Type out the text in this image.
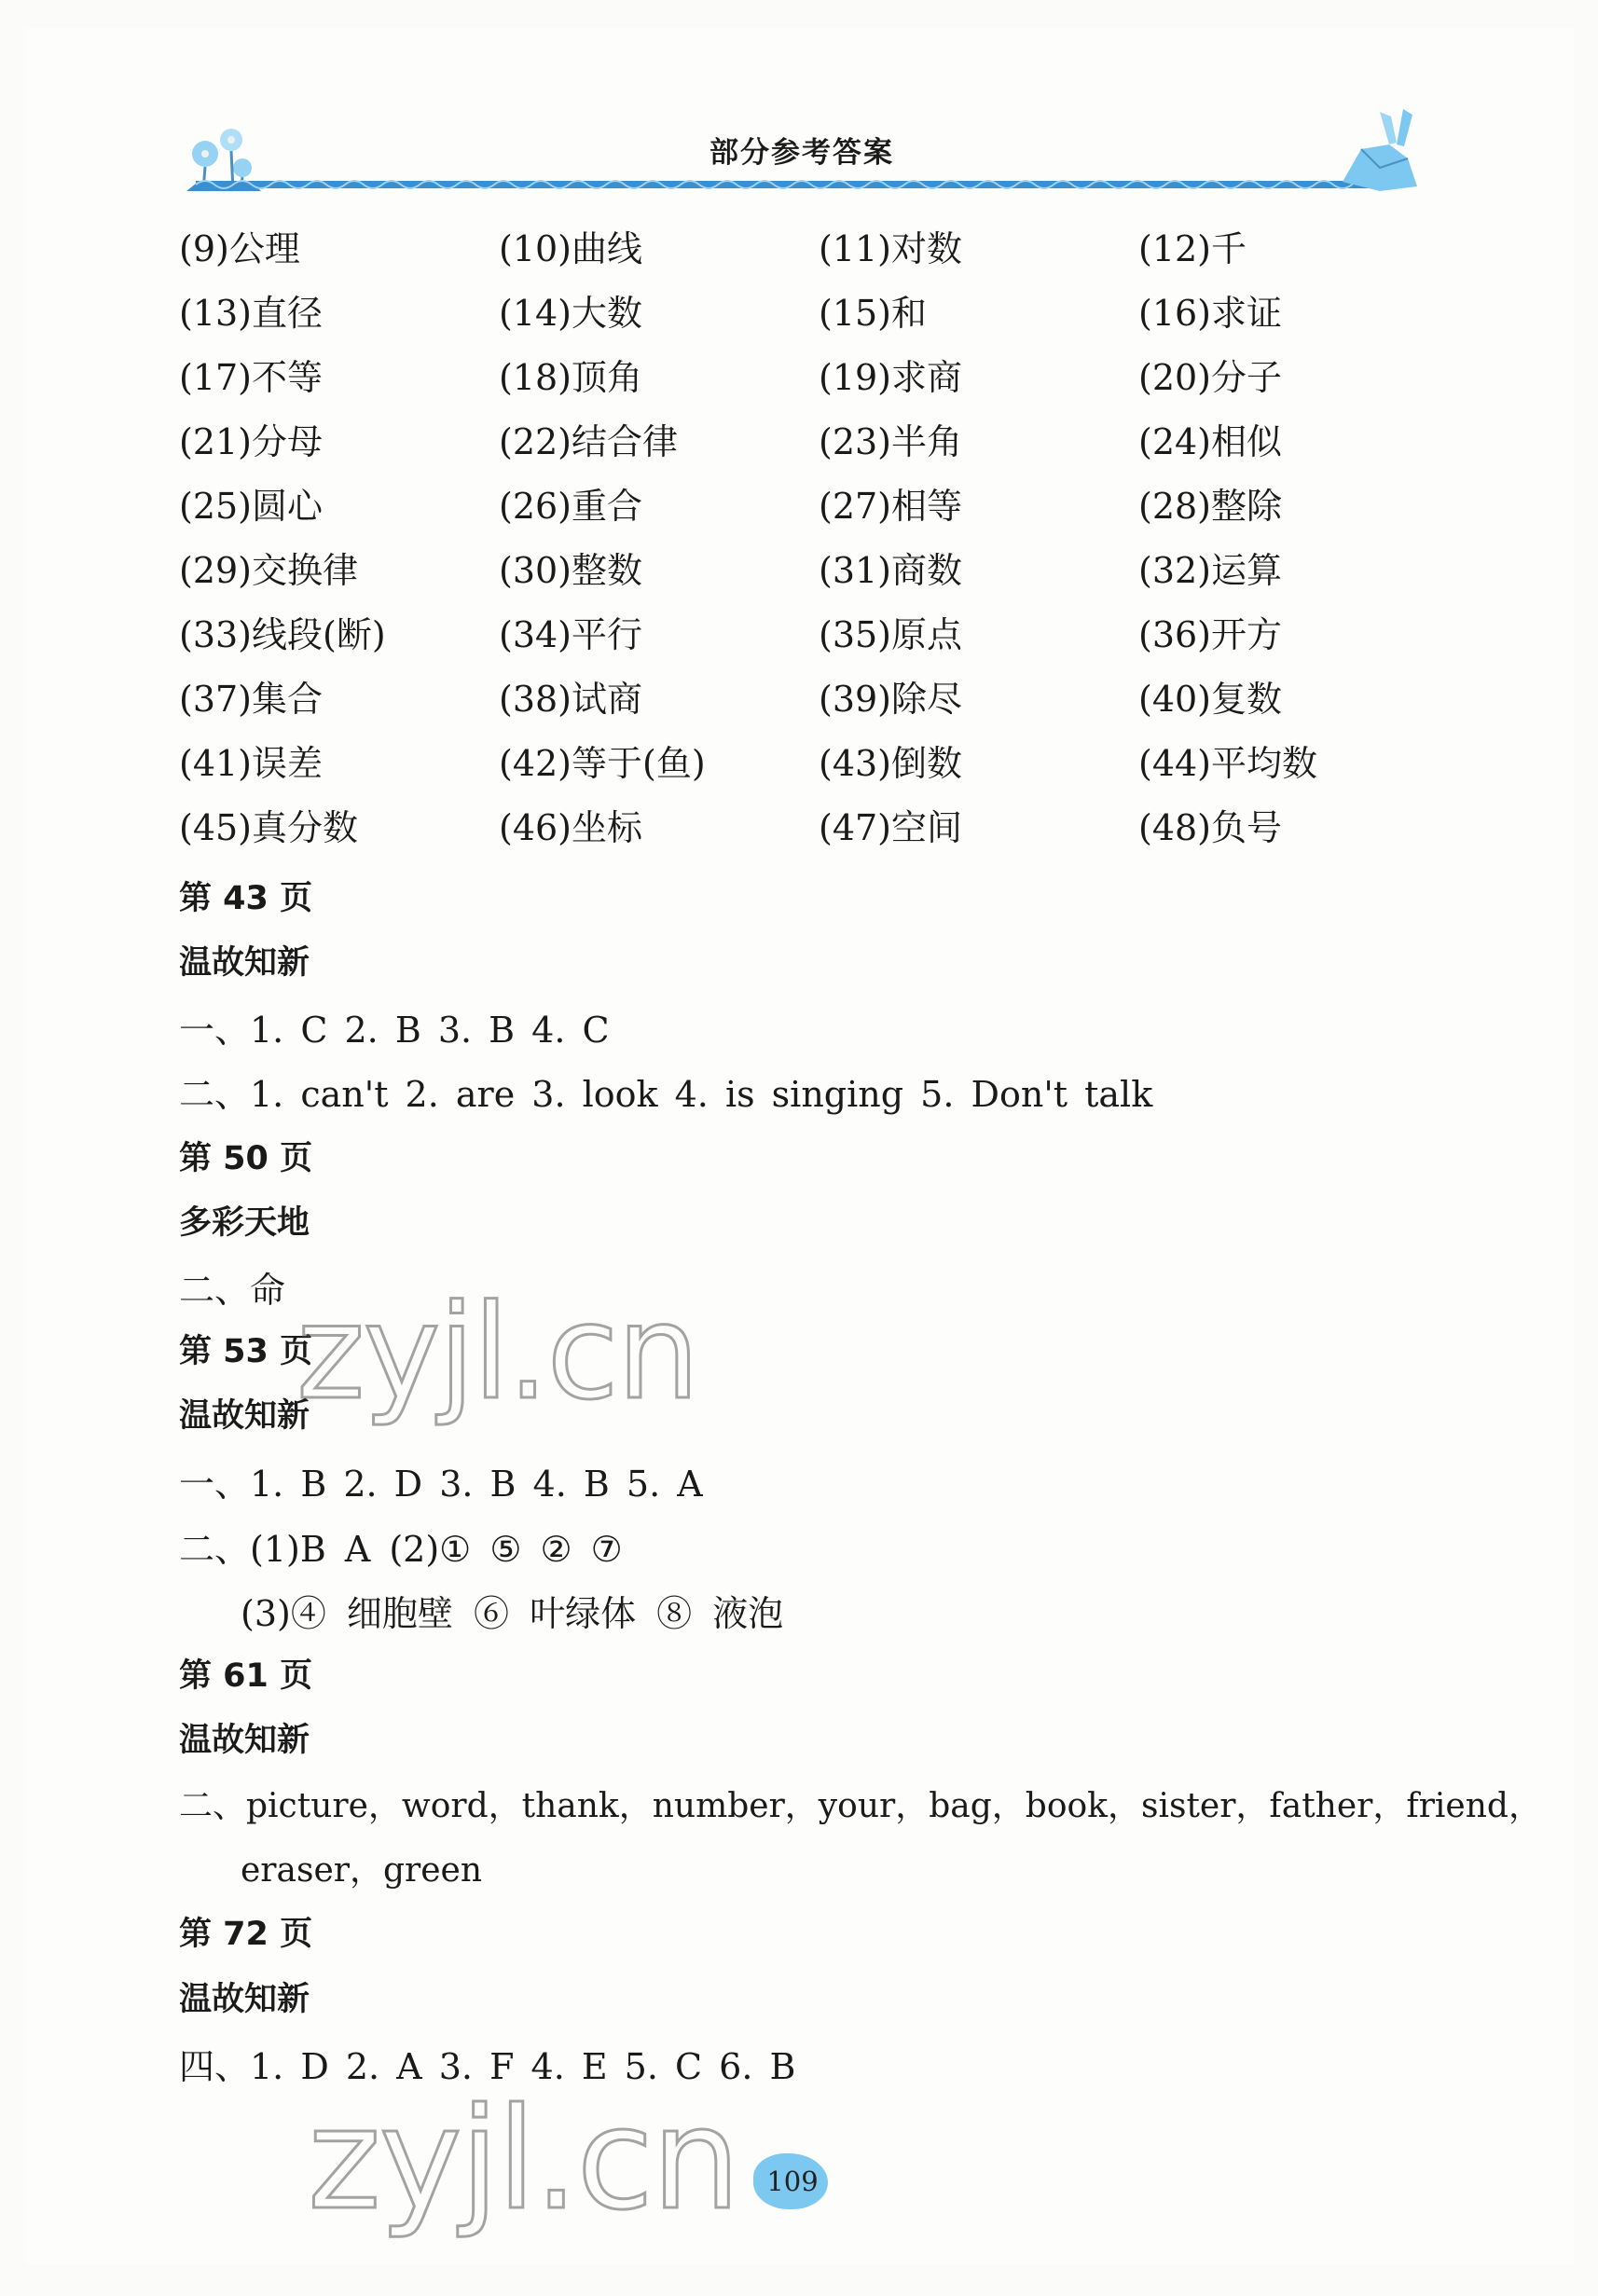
部分参考答案
(9)公理	(10)曲线	(11)对数	(12)千
(13)直径	(14)大数	(15)和	(16)求证
(17)不等	(18)顶角	(19)求商	(20)分子
(21)分母	(22)结合律	(23)半角	(24)相似
(25)圆心	(26)重合	(27)相等	(28)整除
(29)交换律	(30)整数	(31)商数	(32)运算
(33)线段(断)	(34)平行	(35)原点	(36)开方
(37)集合	(38)试商	(39)除尽	(40)复数
(41)误差	(42)等于(鱼)	(43)倒数	(44)平均数
(45)真分数	(46)坐标	(47)空间	(48)负号
第 43 页
温故知新
一、1. C 2. B 3. B 4. C
二、1. can't 2. are 3. look 4. is singing 5. Don't talk
第 50 页
多彩天地
二、命
第 53 页
温故知新
一、1. B 2. D 3. B 4. B 5. A
二、(1)B A (2)① ⑤ ② ⑦
(3)④ 细胞壁 ⑥ 叶绿体 ⑧ 液泡
第 61 页
温故知新
二、picture，word，thank，number，your，bag，book，sister，father，friend，
eraser，green
第 72 页
温故知新
四、1. D 2. A 3. F 4. E 5. C 6. B
zyjl.cn
zyjl.cn	109
